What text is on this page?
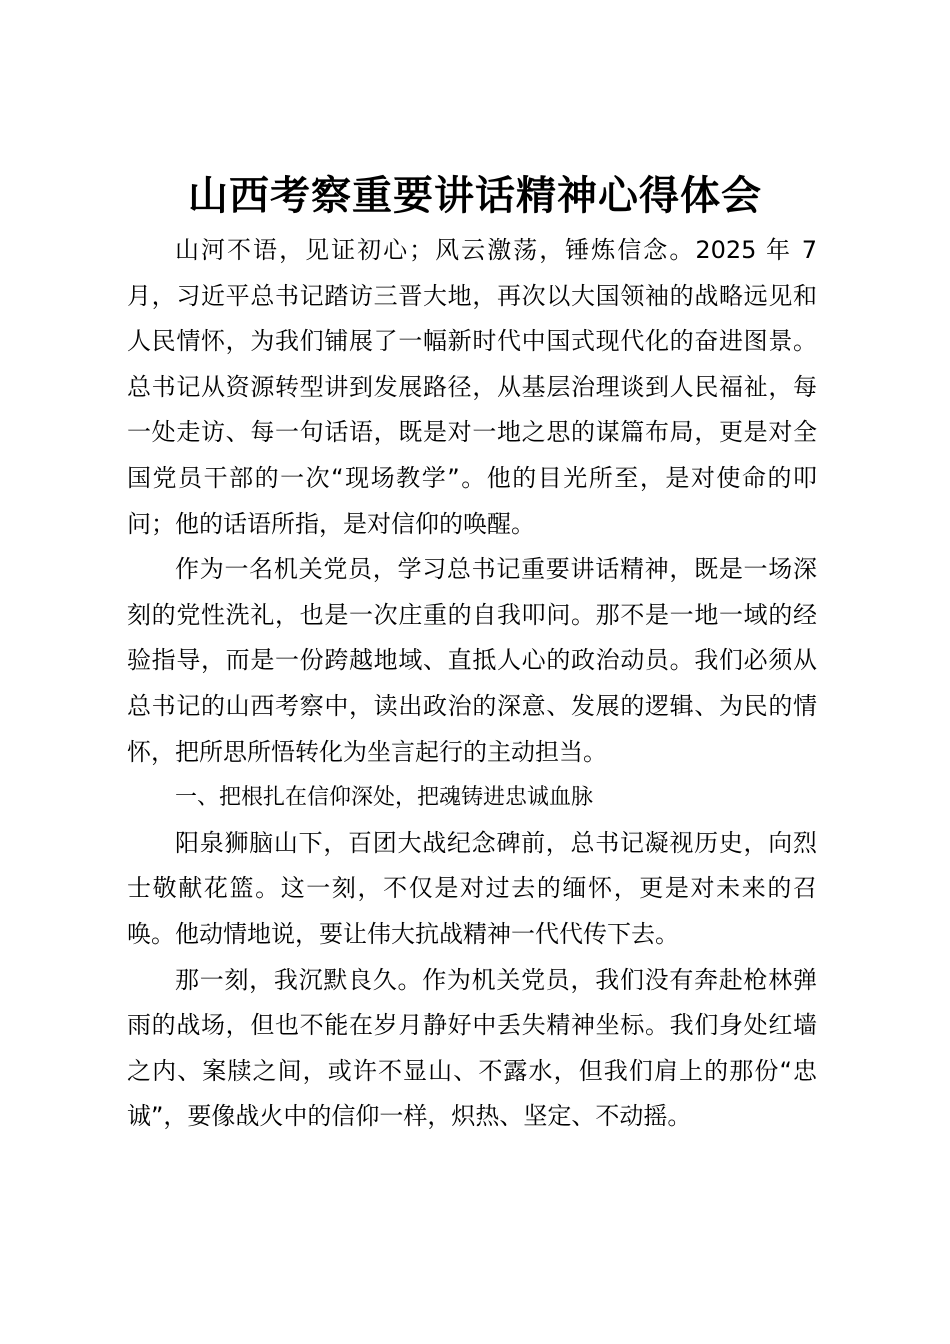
山西考察重要讲话精神心得体会

山河不语，见证初心；风云激荡，锤炼信念。2025 年 7 月，习近平总书记踏访三晋大地，再次以大国领袖的战略远见和人民情怀，为我们铺展了一幅新时代中国式现代化的奋进图景。总书记从资源转型讲到发展路径，从基层治理谈到人民福祉，每一处走访、每一句话语，既是对一地之思的谋篇布局，更是对全国党员干部的一次“现场教学”。他的目光所至，是对使命的叩问；他的话语所指，是对信仰的唤醒。

作为一名机关党员，学习总书记重要讲话精神，既是一场深刻的党性洗礼，也是一次庄重的自我叩问。那不是一地一域的经验指导，而是一份跨越地域、直抵人心的政治动员。我们必须从总书记的山西考察中，读出政治的深意、发展的逻辑、为民的情怀，把所思所悟转化为坐言起行的主动担当。

一、把根扎在信仰深处，把魂铸进忠诚血脉

阳泉狮脑山下，百团大战纪念碑前，总书记凝视历史，向烈士敬献花篮。这一刻，不仅是对过去的缅怀，更是对未来的召唤。他动情地说，要让伟大抗战精神一代代传下去。

那一刻，我沉默良久。作为机关党员，我们没有奔赴枪林弹雨的战场，但也不能在岁月静好中丢失精神坐标。我们身处红墙之内、案牍之间，或许不显山、不露水，但我们肩上的那份“忠诚”，要像战火中的信仰一样，炽热、坚定、不动摇。
